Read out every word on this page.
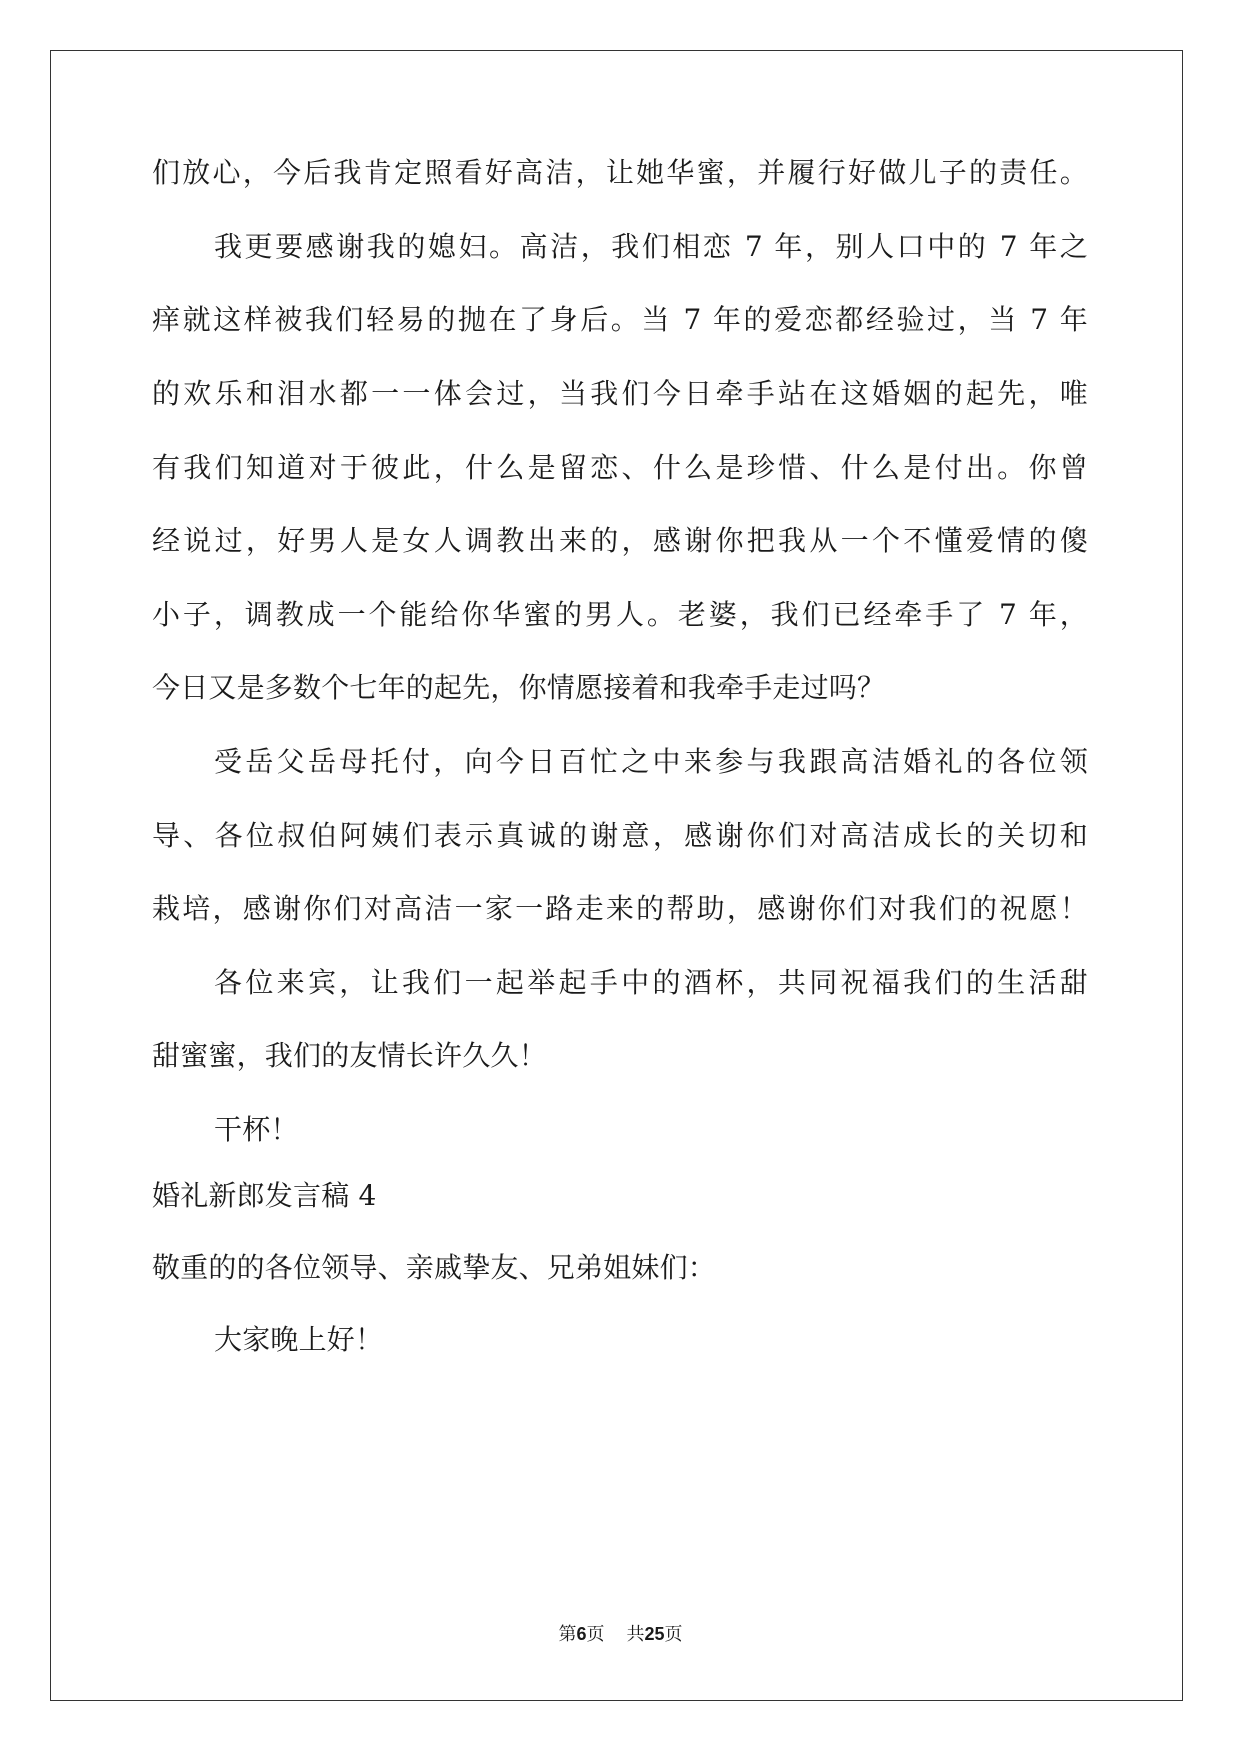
们放心，今后我肯定照看好高洁，让她华蜜，并履行好做儿子的责任。
我更要感谢我的媳妇。高洁，我们相恋 7 年，别人口中的 7 年之
痒就这样被我们轻易的抛在了身后。当 7 年的爱恋都经验过，当 7 年
的欢乐和泪水都一一体会过，当我们今日牵手站在这婚姻的起先，唯
有我们知道对于彼此，什么是留恋、什么是珍惜、什么是付出。你曾
经说过，好男人是女人调教出来的，感谢你把我从一个不懂爱情的傻
小子，调教成一个能给你华蜜的男人。老婆，我们已经牵手了 7 年，
今日又是多数个七年的起先，你情愿接着和我牵手走过吗？
受岳父岳母托付，向今日百忙之中来参与我跟高洁婚礼的各位领
导、各位叔伯阿姨们表示真诚的谢意，感谢你们对高洁成长的关切和
栽培，感谢你们对高洁一家一路走来的帮助，感谢你们对我们的祝愿！
各位来宾，让我们一起举起手中的酒杯，共同祝福我们的生活甜
甜蜜蜜，我们的友情长许久久！
干杯！
婚礼新郎发言稿 4
敬重的的各位领导、亲戚挚友、兄弟姐妹们：
大家晚上好！
第6页 共25页
